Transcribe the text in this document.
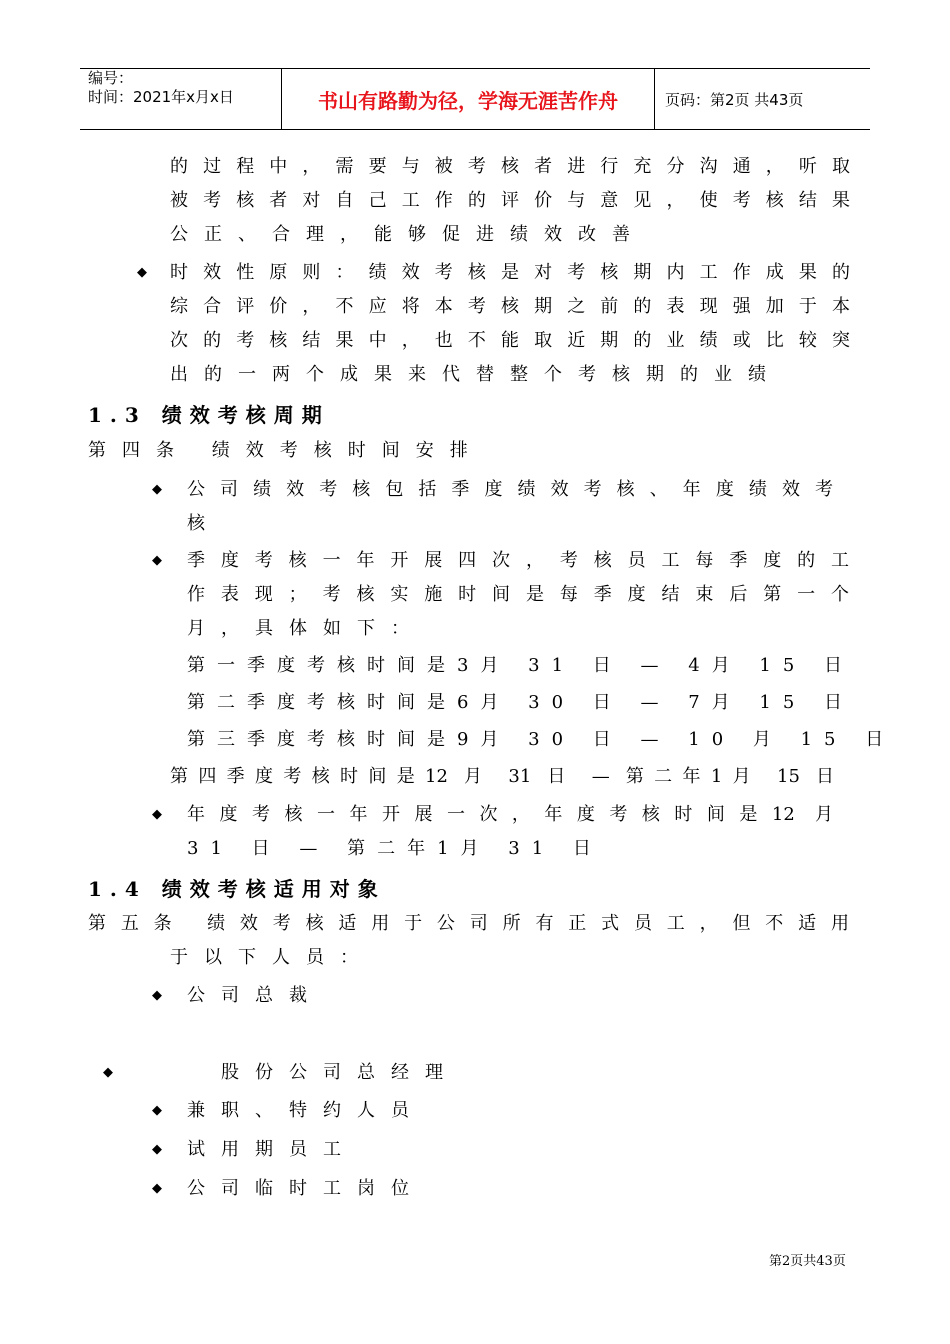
编号：
时间：2021年x月x日	书山有路勤为径，学海无涯苦作舟	页码：第2页 共43页
的过程中，需要与被考核者进行充分沟通，听取
被考核者对自己工作的评价与意见，使考核结果
公正、合理，能够促进绩效改善
◆ 时效性原则：绩效考核是对考核期内工作成果的
综合评价，不应将本考核期之前的表现强加于本
次的考核结果中，也不能取近期的业绩或比较突
出的一两个成果来代替整个考核期的业绩
1.3 绩效考核周期
第四条 绩效考核时间安排
◆ 公司绩效考核包括季度绩效考核、年度绩效考
核
◆ 季度考核一年开展四次，考核员工每季度的工
作表现；考核实施时间是每季度结束后第一个
月，具体如下：
第一季度考核时间是3月 31 日 — 4月 15 日
第二季度考核时间是6月 30 日 — 7月 15 日
第三季度考核时间是9月 30 日 — 10 月 15 日
第四季度考核时间是12 月 31 日 — 第二年1月 15 日
◆ 年度考核一年开展一次，年度考核时间是12 月
31 日 — 第二年1月 31 日
1.4 绩效考核适用对象
第五条 绩效考核适用于公司所有正式员工，但不适用
于以下人员：
◆ 公司总裁
◆	股份公司总经理
◆ 兼职、特约人员
◆ 试用期员工
◆ 公司临时工岗位
第2页共43页
